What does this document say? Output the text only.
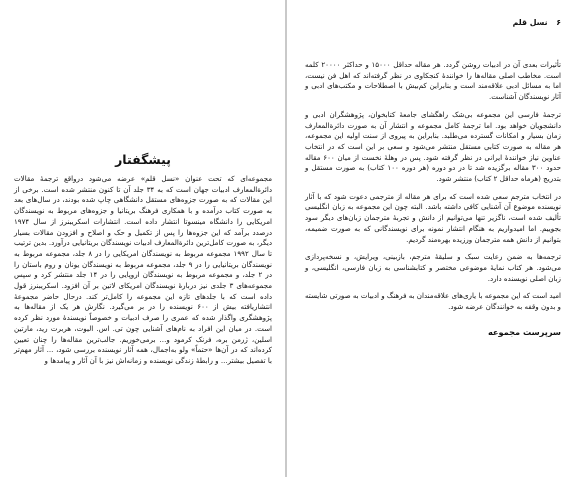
پیشگفتار

مجموعه‌ای که تحت عنوان «نسل قلم» عرضه می‌شود درواقع ترجمهٔ مقالات دائرةالمعارف ادبیات جهان است که به ۳۴ جلد آن تا کنون منتشر شده است. برخی از این مقالات که به صورت جزوه‌های مستقل دانشگاهی چاپ شده بودند، در سال‌های بعد به صورت کتاب درآمده و با همکاری فرهنگ بریتانیا و جزوه‌های مربوط به نویسندگان امریکایی را دانشگاه مینسوتا انتشار داده است. انتشارات اسکریبنرز از سال ۱۹۷۴ درصدد برآمد که این جزوه‌ها را پس از تکمیل و حک و اصلاح و افزودن مقالات بسیار دیگر، به صورت کامل‌ترین دائرةالمعارف ادبیات نویسندگان بریتانیایی درآورد. بدین ترتیب تا سال ۱۹۹۲ مجموعه مربوط به نویسندگان امریکایی را در ۸ جلد، مجموعه مربوط به نویسندگان بریتانیایی را در ۹ جلد، مجموعه مربوط به نویسندگان یونان و روم باستان را در ۲ جلد، و مجموعه مربوط به نویسندگان اروپایی را در ۱۴ جلد منتشر کرد و سپس مجموعه‌های ۳ جلدی نیز دربارهٔ نویسندگان امریکای لاتین بر آن افزود. اسکریبنرز قول داده است که با جلدهای تازه این مجموعه را کامل‌تر کند. درحال حاضر مجموعهٔ انتشاریافته بیش از ۶۰۰ نویسنده را در بر می‌گیرد. نگارش هر یک از مقاله‌ها به پژوهشگری واگذار شده که عمری را صرف ادبیات و خصوصاً نویسندهٔ مورد نظر کرده است. در میان این افراد به نام‌های آشنایی چون تی. اس. الیوت، هربرت رید، مارتین اسلین، ژرمن بره، فرنک کرمود و... برمی‌خوریم. جالب‌ترین مقاله‌ها را چنان تعیین کرده‌اند که در آن‌ها «حتماً» ولو به‌اجمال، همه آثار نویسنده بررسی شود، ... آثار مهم‌تر با تفصیل بیشتر... و رابطهٔ زندگی نویسنده و زمانه‌اش نیز با آن آثار و پیامدها و

۶ نسل قلم

تأثیرات بعدی آن در ادبیات روشن گردد. هر مقاله حداقل ۱۵۰۰۰ و حداکثر ۲۰۰۰۰ کلمه است. مخاطب اصلی مقاله‌ها را خوانندهٔ کنجکاوی در نظر گرفته‌اند که اهل فن نیست، اما به مسائل ادبی علاقه‌مند است و بنابراین کم‌بیش با اصطلاحات و مکتب‌های ادبی و آثار نویسندگان آشناست.

ترجمهٔ فارسی این مجموعه بی‌شک راهگشای جامعهٔ کتابخوان، پژوهشگران ادبی و دانشجویان خواهد بود. اما ترجمهٔ کامل مجموعه و انتشار آن به صورت دائرةالمعارف زمان بسیار و امکانات گسترده می‌طلبد. بنابراین به پیروی از سنت اولیه این مجموعه، هر مقاله به صورت کتابی مستقل منتشر می‌شود و سعی بر این است که در انتخاب عناوین نیاز خوانندهٔ ایرانی در نظر گرفته شود. پس در وهلهٔ نخست از میان ۶۰۰ مقاله حدود ۳۰۰ مقاله برگزیده شد تا در دو دوره (هر دوره ۱۰۰ کتاب) به صورت مستقل و بتدریج (هرماه حداقل ۲ کتاب) منتشر شود.

در انتخاب مترجم سعی شده است که برای هر مقاله از مترجمی دعوت شود که با آثار نویسنده موضوع آن آشنایی کافی داشته باشد. البته چون این مجموعه به زبان انگلیسی تألیف شده است، ناگزیر تنها می‌توانیم از دانش و تجربهٔ مترجمان زبان‌های دیگر سود بجوییم. اما امیدواریم به هنگام انتشار نمونه برای نویسندگانی که به صورت ضمیمه، بتوانیم از دانش همه مترجمان ورزیده بهره‌مند گردیم.

ترجمه‌ها به ضمن رعایت سبک و سلیقهٔ مترجم، بازبینی، ویرایش، و نسخه‌پردازی می‌شود. هر کتاب نمایهٔ موضوعی مختصر و کتابشناسی به زبان فارسی، انگلیسی، و زبان اصلی نویسنده دارد.

امید است که این مجموعه با یاری‌های علاقه‌مندان به فرهنگ و ادبیات به صورتی شایسته و بدون وقفه به خوانندگان عرضه شود.

سرپرست مجموعه
